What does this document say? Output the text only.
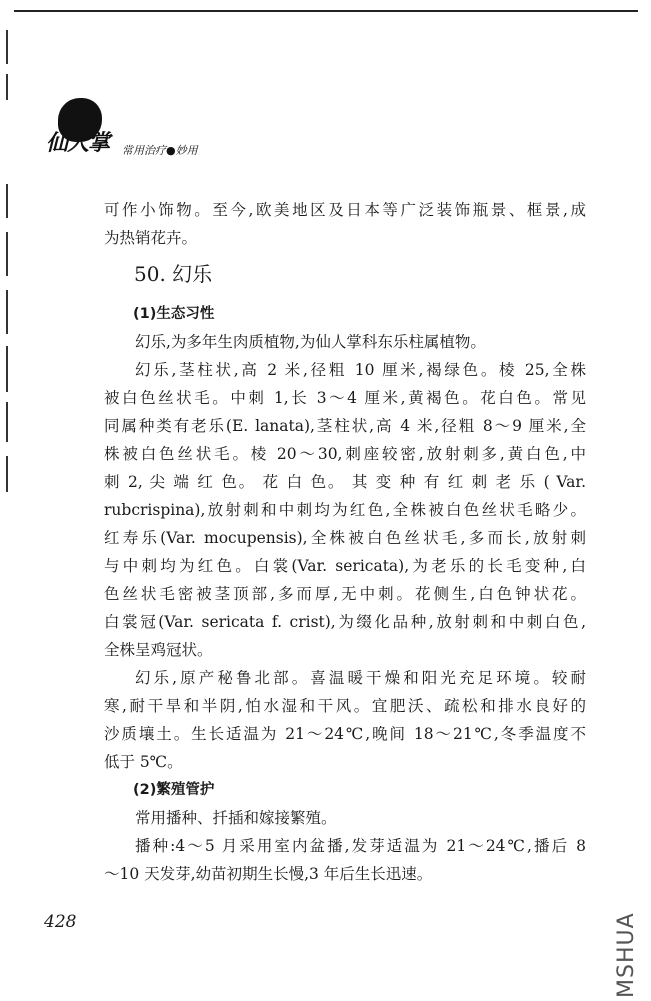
仙人掌 常用治疗●妙用

可作小饰物。至今,欧美地区及日本等广泛装饰瓶景、框景,成

为热销花卉。

50. 幻乐

(1)生态习性

幻乐,为多年生肉质植物,为仙人掌科东乐柱属植物。

幻乐,茎柱状,高 2 米,径粗 10 厘米,褐绿色。棱 25,全株

被白色丝状毛。中刺 1,长 3～4 厘米,黄褐色。花白色。常见

同属种类有老乐(E. lanata),茎柱状,高 4 米,径粗 8～9 厘米,全

株被白色丝状毛。棱 20～30,刺座较密,放射刺多,黄白色,中

刺 2, 尖 端 红 色。 花 白 色。 其 变 种 有 红 刺 老 乐 ( Var.

rubcrispina),放射刺和中刺均为红色,全株被白色丝状毛略少。

红寿乐(Var. mocupensis),全株被白色丝状毛,多而长,放射刺

与中刺均为红色。白裳(Var. sericata),为老乐的长毛变种,白

色丝状毛密被茎顶部,多而厚,无中刺。花侧生,白色钟状花。

白裳冠(Var. sericata f. crist),为缀化品种,放射刺和中刺白色,

全株呈鸡冠状。

幻乐,原产秘鲁北部。喜温暖干燥和阳光充足环境。较耐

寒,耐干旱和半阴,怕水湿和干风。宜肥沃、疏松和排水良好的

沙质壤土。生长适温为 21～24℃,晚间 18～21℃,冬季温度不

低于 5℃。

(2)繁殖管护

常用播种、扦插和嫁接繁殖。

播种:4～5 月采用室内盆播,发芽适温为 21～24℃,播后 8

～10 天发芽,幼苗初期生长慢,3 年后生长迅速。

428	MSHUA
